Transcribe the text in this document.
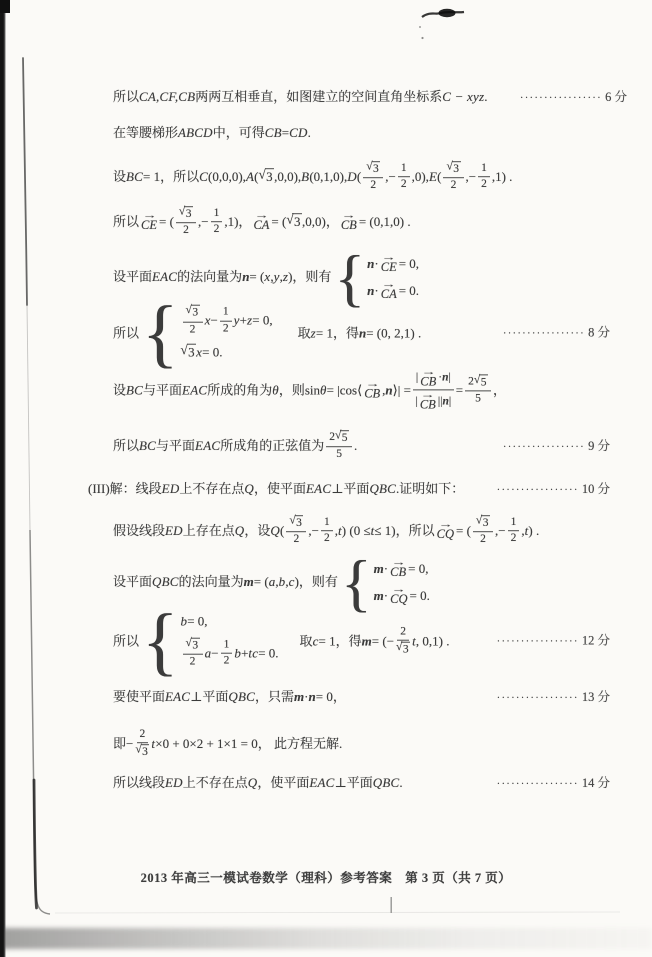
所以 CA,CF,CB 两两互相垂直，如图建立的空间直角坐标系 C − xyz .	················· 6 分
在等腰梯形 ABCD 中，可得 CB = CD .
设 BC = 1 ，所以 C (0,0,0), A ( √ 3 ,0,0), B (0,1,0), D ( $\frac{√ 3}{2}$ ,− $\frac{1}{2} ,0$), E ( $\frac{√ 3}{2}$ ,− $\frac{1}{2} ,1$) .
所以 →
CE = ( $\frac{√ 3}{2}$ ,− $\frac{1}{2} ,1$) ， →
CA = ( √ 3 ,0,0) ， →
CB = (0,1,0) .
设平面 EAC 的法向量为 n = ( x , y , z ) ，则有 { n · →
CE = 0,
n · →
CA = 0.
所以 { $\frac{√ 3}{2}$ $x - \frac{1}{2}$ y + z = 0,
√ 3 x = 0.
取 z = 1 ，得 n = (0, 2,1) .	················· 8 分
设 BC 与平面 EAC 所成的角为 θ ，则 sin θ = |cos⟨ →
CB , n ⟩| = |
→
CB · n |
|
→
CB || n | = $\frac{2 √ 5}{5}$ ，
所以 BC 与平面 EAC 所成角的正弦值为 $\frac{2 √ 5}{5}$ .	················· 9 分
(III) 解：线段 ED 上不存在点 Q ，使平面 EAC ⊥ 平面 QBC . 证明如下：	················· 10 分
假设线段 ED 上存在点 Q ，设 Q ( $\frac{√ 3}{2}$ ,− $\frac{1}{2}$ , t ) (0 ≤ t ≤ 1) ，所以 →
CQ = ( $\frac{√ 3}{2}$ ,− $\frac{1}{2}$ , t ) .
设平面 QBC 的法向量为 m = ( a , b , c ) ，则有 { m · →
CB = 0,
m · →
CQ = 0.
所以 { b = 0,
$\frac{√ 3}{2}$ $a - \frac{1}{2}$ b + tc = 0.
取 c = 1 ，得 m = (− $\frac{2}{√ 3}$ t , 0,1) .	················· 12 分
要使平面 EAC ⊥ 平面 QBC ，只需 m · n = 0 ，	················· 13 分
即 − $\frac{2}{√ 3}$ t ×0 + 0×2 + 1×1 = 0 ， 此方程无解.
所以线段 ED 上不存在点 Q ，使平面 EAC ⊥ 平面 QBC .	················· 14 分
2013 年高三一模试卷数学（理科）参考答案　第 3 页（共 7 页）
